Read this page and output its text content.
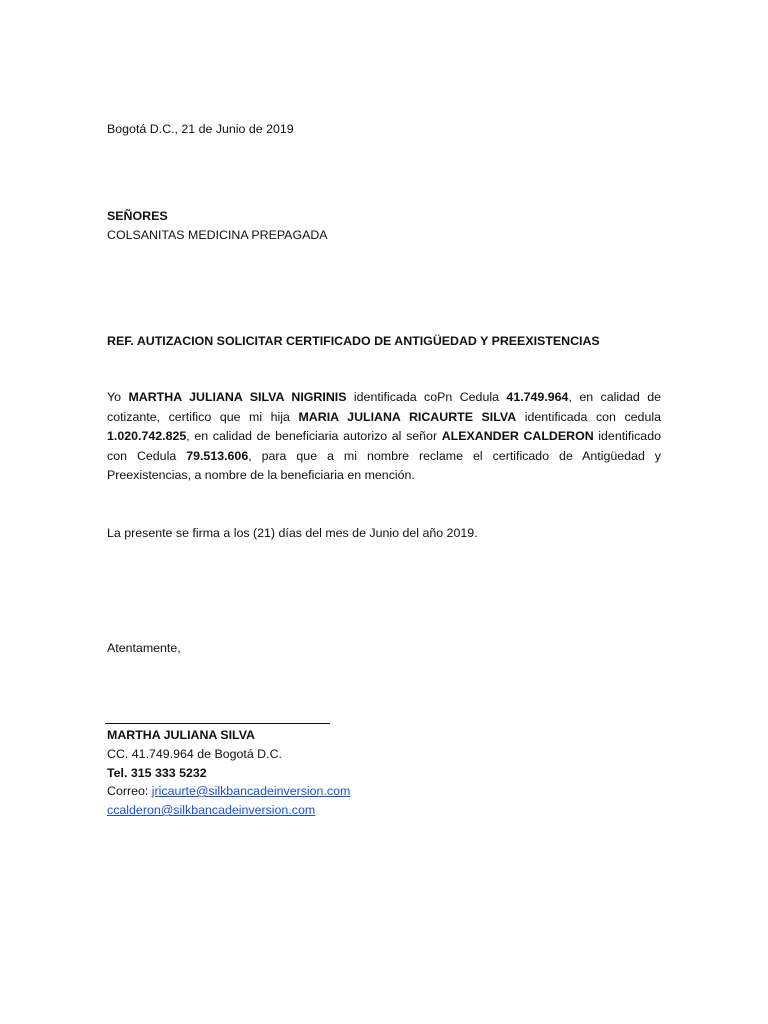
Bogotá D.C., 21 de Junio de 2019
SEÑORES
COLSANITAS MEDICINA PREPAGADA
REF. AUTIZACION SOLICITAR CERTIFICADO DE ANTIGÜEDAD Y PREEXISTENCIAS
Yo MARTHA JULIANA SILVA NIGRINIS identificada coPn Cedula 41.749.964, en calidad de cotizante, certifico que mi hija MARIA JULIANA RICAURTE SILVA identificada con cedula 1.020.742.825, en calidad de beneficiaria autorizo al señor ALEXANDER CALDERON identificado con Cedula 79.513.606, para que a mi nombre reclame el certificado de Antigüedad y Preexistencias, a nombre de la beneficiaria en mención.
La presente se firma a los (21) días del mes de Junio del año 2019.
Atentamente,
MARTHA JULIANA SILVA
CC. 41.749.964 de Bogotá D.C.
Tel. 315 333 5232
Correo: jricaurte@silkbancadeinversion.com
ccalderon@silkbancadeinversion.com
